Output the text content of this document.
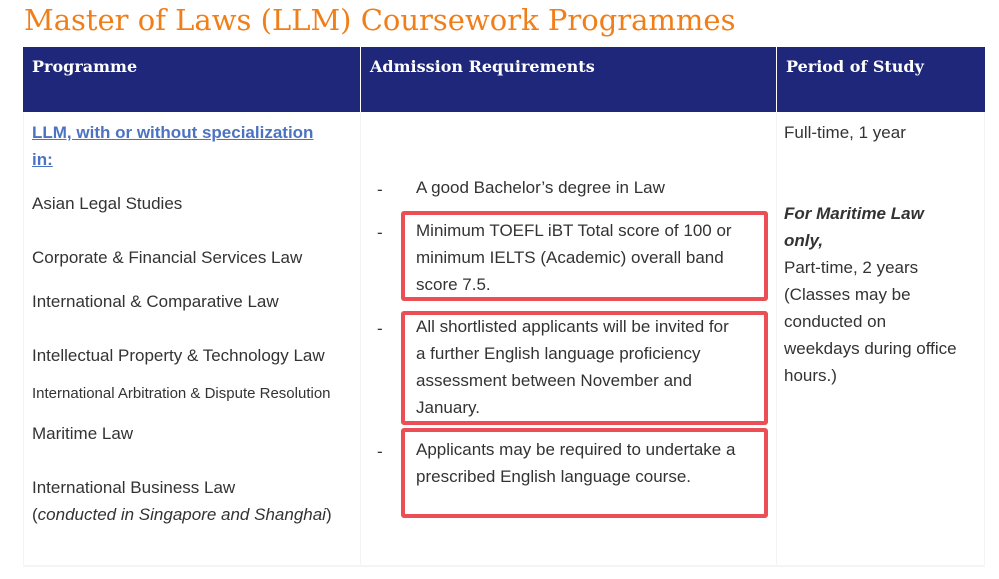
Master of Laws (LLM) Coursework Programmes
Programme	Admission Requirements	Period of Study
LLM, with or without specialization
in:
Asian Legal Studies
Corporate & Financial Services Law
International & Comparative Law
Intellectual Property & Technology Law
International Arbitration & Dispute Resolution
Maritime Law
International Business Law
(conducted in Singapore and Shanghai)
- A good Bachelor’s degree in Law
- Minimum TOEFL iBT Total score of 100 or
minimum IELTS (Academic) overall band
score 7.5.
- All shortlisted applicants will be invited for
a further English language proficiency
assessment between November and
January.
- Applicants may be required to undertake a
prescribed English language course.
Full-time, 1 year
For Maritime Law
only,
Part-time, 2 years
(Classes may be
conducted on
weekdays during office
hours.)
